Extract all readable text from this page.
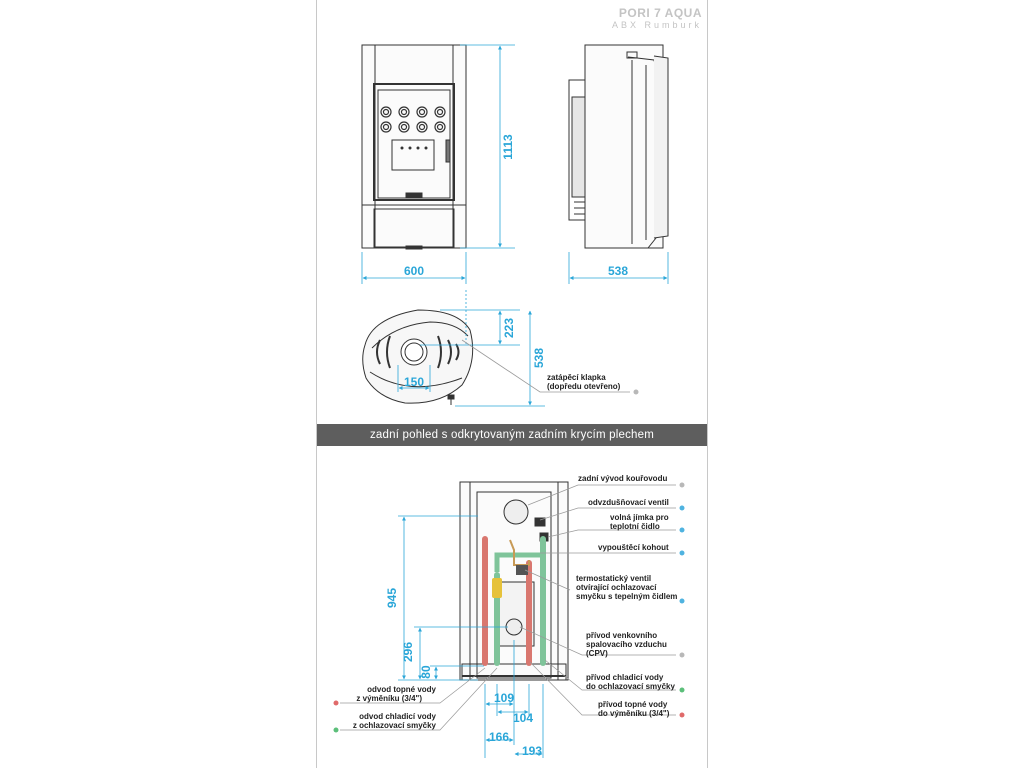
PORI 7 AQUA
ABX Rumburk
zadní pohled s odkrytovaným zadním krycím plechem
1113
600	538
223
538
150	zatápěcí klapka
(dopředu otevřeno)
945
296
80
109
104
166
193
zadní vývod kouřovodu
odvzdušňovací ventil
volná jímka pro
teplotní čidlo
vypouštěcí kohout
termostatický ventil
otvírající ochlazovací
smyčku s tepelným čidlem
přívod venkovního
spalovacího vzduchu
(CPV)
přívod chladicí vody
do ochlazovací smyčky
přívod topné vody
do výměníku (3/4")
odvod topné vody
z výměníku (3/4")
odvod chladicí vody
z ochlazovací smyčky
